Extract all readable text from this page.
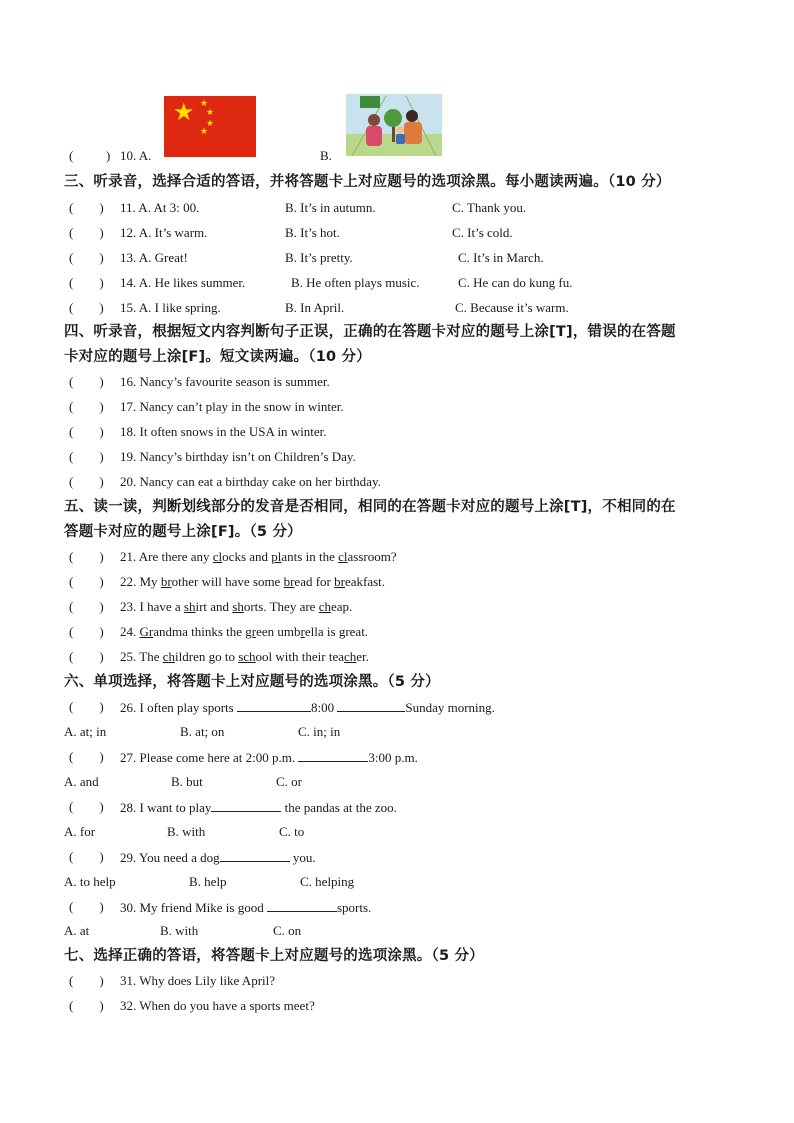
★ ★
★
★
★
(	) 10. A.	B.
三、听录音，选择合适的答语，并将答题卡上对应题号的选项涂黑。每小题读两遍。（10 分）
(        ) 11. A. At 3: 00.	B. It’s in autumn.	C. Thank you.
(        ) 12. A. It’s warm.	B. It’s hot.	C. It’s cold.
(        ) 13. A. Great!	B. It’s pretty.	C. It’s in March.
(        ) 14. A. He likes summer.	B. He often plays music.	C. He can do kung fu.
(        ) 15. A. I like spring.	B. In April.	C. Because it’s warm.
四、听录音，根据短文内容判断句子正误，正确的在答题卡对应的题号上涂[T]，错误的在答题
卡对应的题号上涂[F]。短文读两遍。（10 分）
(        ) 16. Nancy’s favourite season is summer.
(        ) 17. Nancy can’t play in the snow in winter.
(        ) 18. It often snows in the USA in winter.
(        ) 19. Nancy’s birthday isn’t on Children’s Day.
(        ) 20. Nancy can eat a birthday cake on her birthday.
五、读一读，判断划线部分的发音是否相同，相同的在答题卡对应的题号上涂[T]，不相同的在
答题卡对应的题号上涂[F]。（5 分）
(        ) 21. Are there any clocks and plants in the classroom?
(        ) 22. My brother will have some bread for breakfast.
(        ) 23. I have a shirt and shorts. They are cheap.
(        ) 24. Grandma thinks the green umbrella is great.
(        ) 25. The children go to school with their teacher.
六、单项选择，将答题卡上对应题号的选项涂黑。（5 分）
(        ) 26. I often play sports	8:00	Sunday morning.
A. at; in	B. at; on	C. in; in
(        ) 27. Please come here at 2:00 p.m.	3:00 p.m.
A. and	B. but	C. or
(        ) 28. I want to play	the pandas at the zoo.
A. for	B. with	C. to
(        ) 29. You need a dog	you.
A. to help	B. help	C. helping
(        ) 30. My friend Mike is good	sports.
A. at	B. with	C. on
七、选择正确的答语，将答题卡上对应题号的选项涂黑。（5 分）
(        ) 31. Why does Lily like April?
(        ) 32. When do you have a sports meet?
